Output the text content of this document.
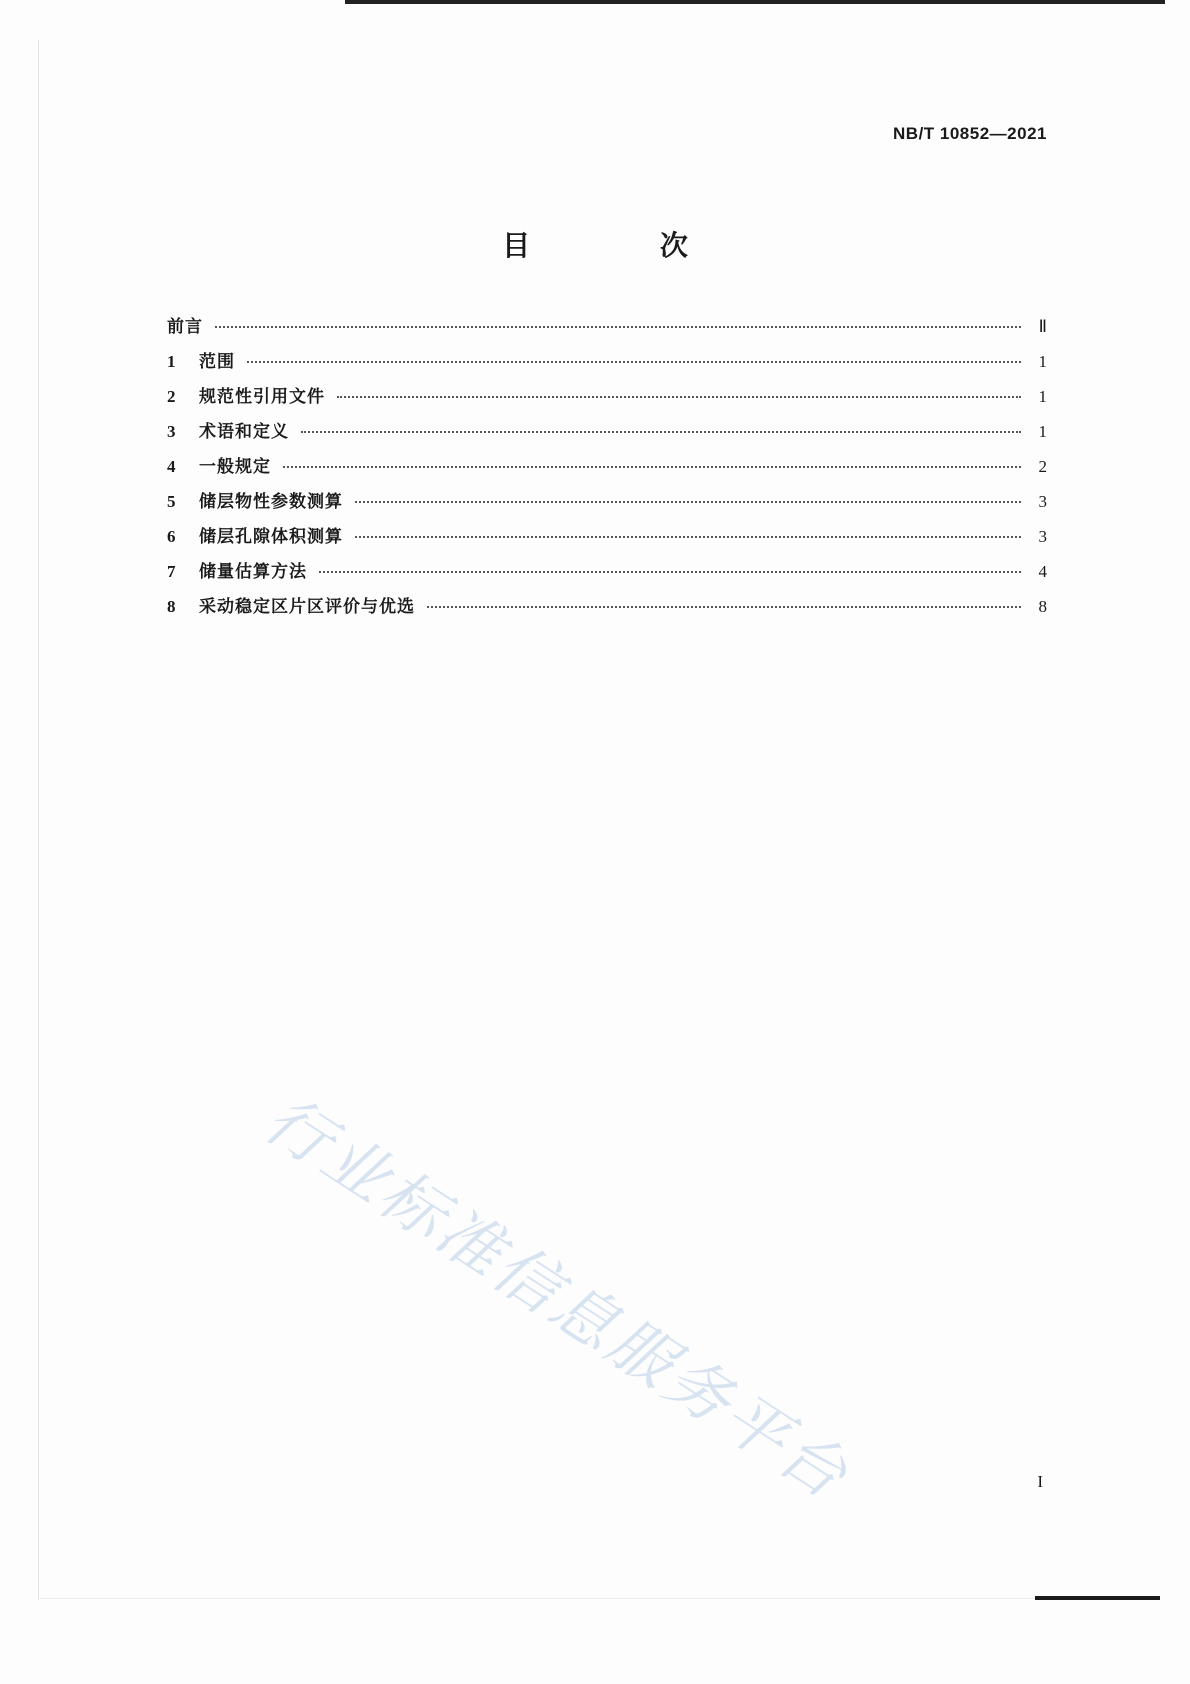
NB/T 10852—2021
目 次
前言	Ⅱ
1	范围	1
2	规范性引用文件	1
3	术语和定义	1
4	一般规定	2
5	储层物性参数测算	3
6	储层孔隙体积测算	3
7	储量估算方法	4
8	采动稳定区片区评价与优选	8
行业标准信息服务平台	I
